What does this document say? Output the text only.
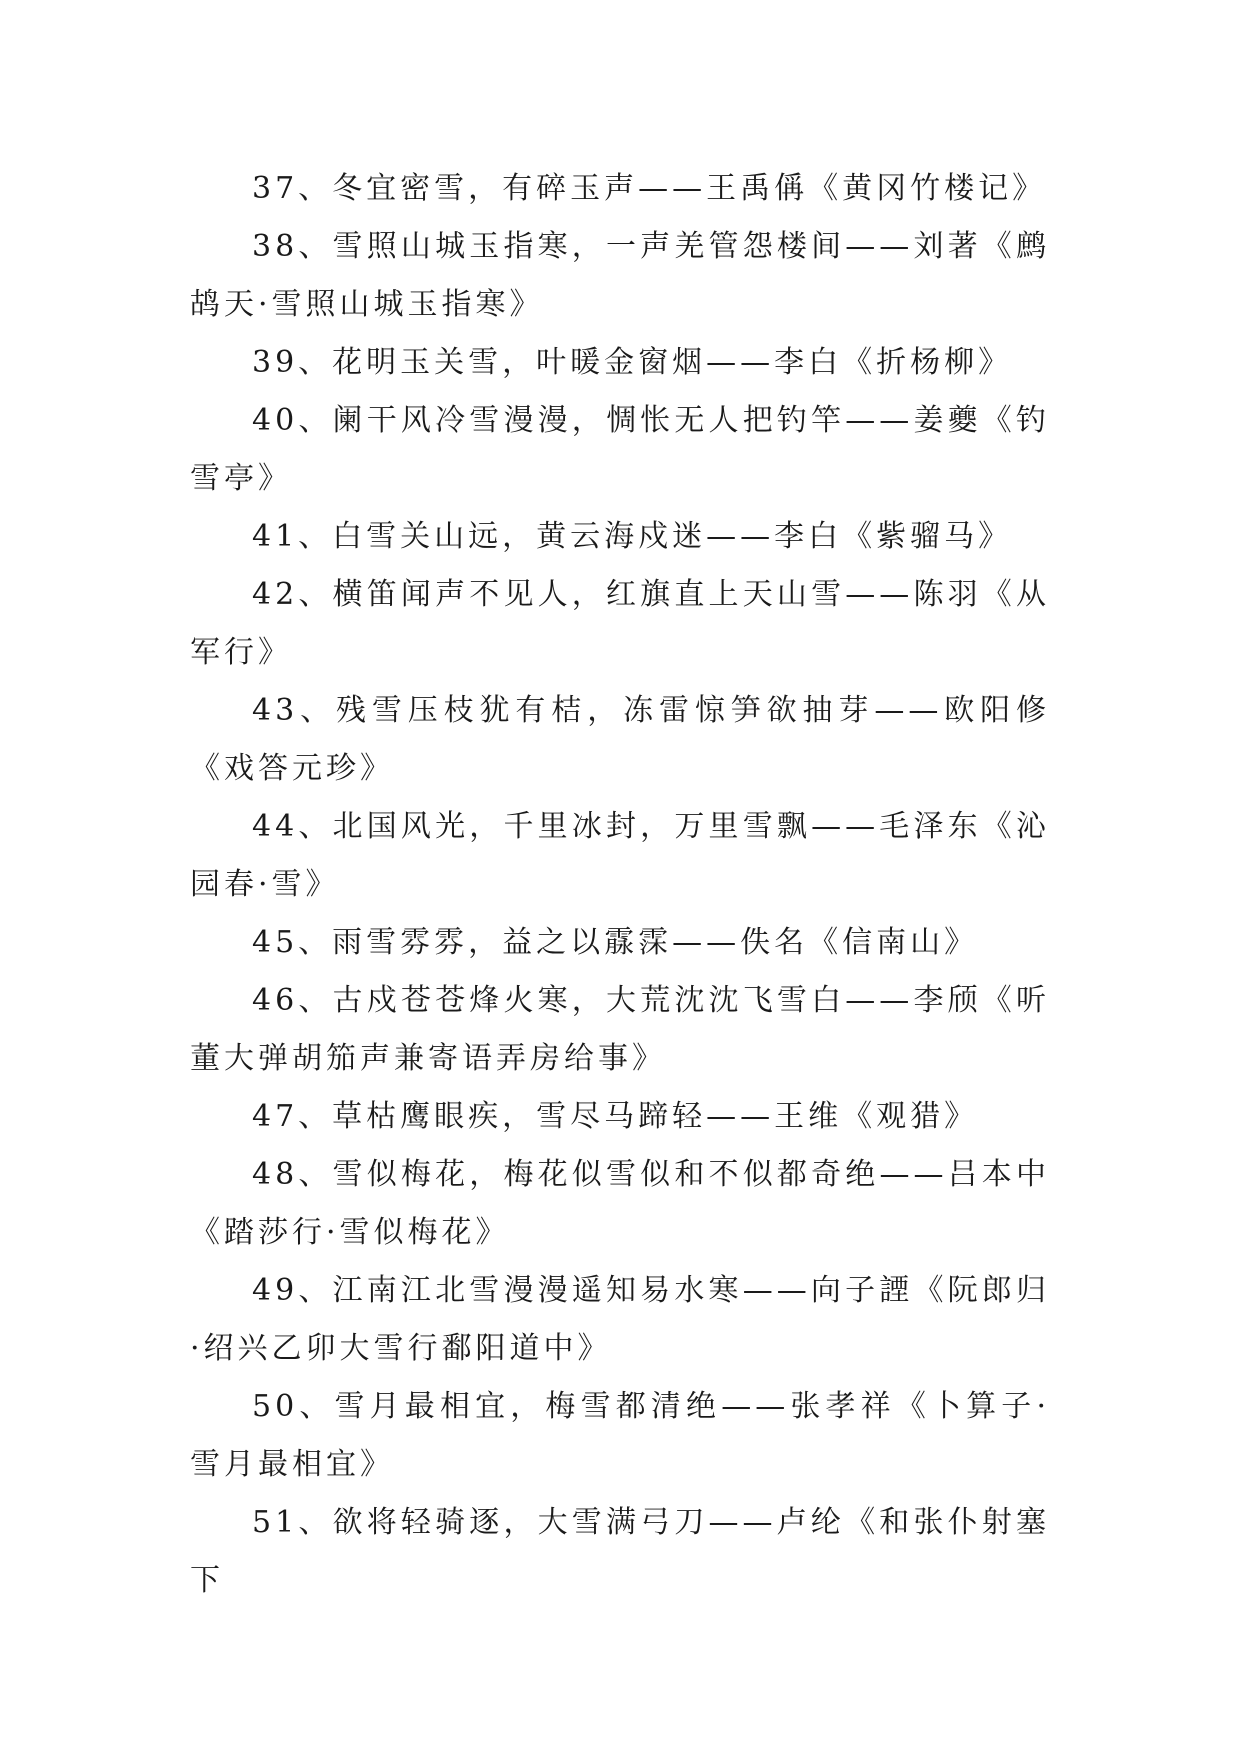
37、冬宜密雪，有碎玉声——王禹偁《黄冈竹楼记》

38、雪照山城玉指寒，一声羌管怨楼间——刘著《鹧鸪天·雪照山城玉指寒》

39、花明玉关雪，叶暖金窗烟——李白《折杨柳》

40、阑干风冷雪漫漫，惆怅无人把钓竿——姜夔《钓雪亭》

41、白雪关山远，黄云海戍迷——李白《紫骝马》

42、横笛闻声不见人，红旗直上天山雪——陈羽《从军行》

43、残雪压枝犹有桔，冻雷惊笋欲抽芽——欧阳修《戏答元珍》

44、北国风光，千里冰封，万里雪飘——毛泽东《沁园春·雪》

45、雨雪雰雰，益之以霡霂——佚名《信南山》

46、古戍苍苍烽火寒，大荒沈沈飞雪白——李颀《听董大弹胡笳声兼寄语弄房给事》

47、草枯鹰眼疾，雪尽马蹄轻——王维《观猎》

48、雪似梅花，梅花似雪似和不似都奇绝——吕本中《踏莎行·雪似梅花》

49、江南江北雪漫漫遥知易水寒——向子諲《阮郎归·绍兴乙卯大雪行鄱阳道中》

50、雪月最相宜，梅雪都清绝——张孝祥《卜算子·雪月最相宜》

51、欲将轻骑逐，大雪满弓刀——卢纶《和张仆射塞下
